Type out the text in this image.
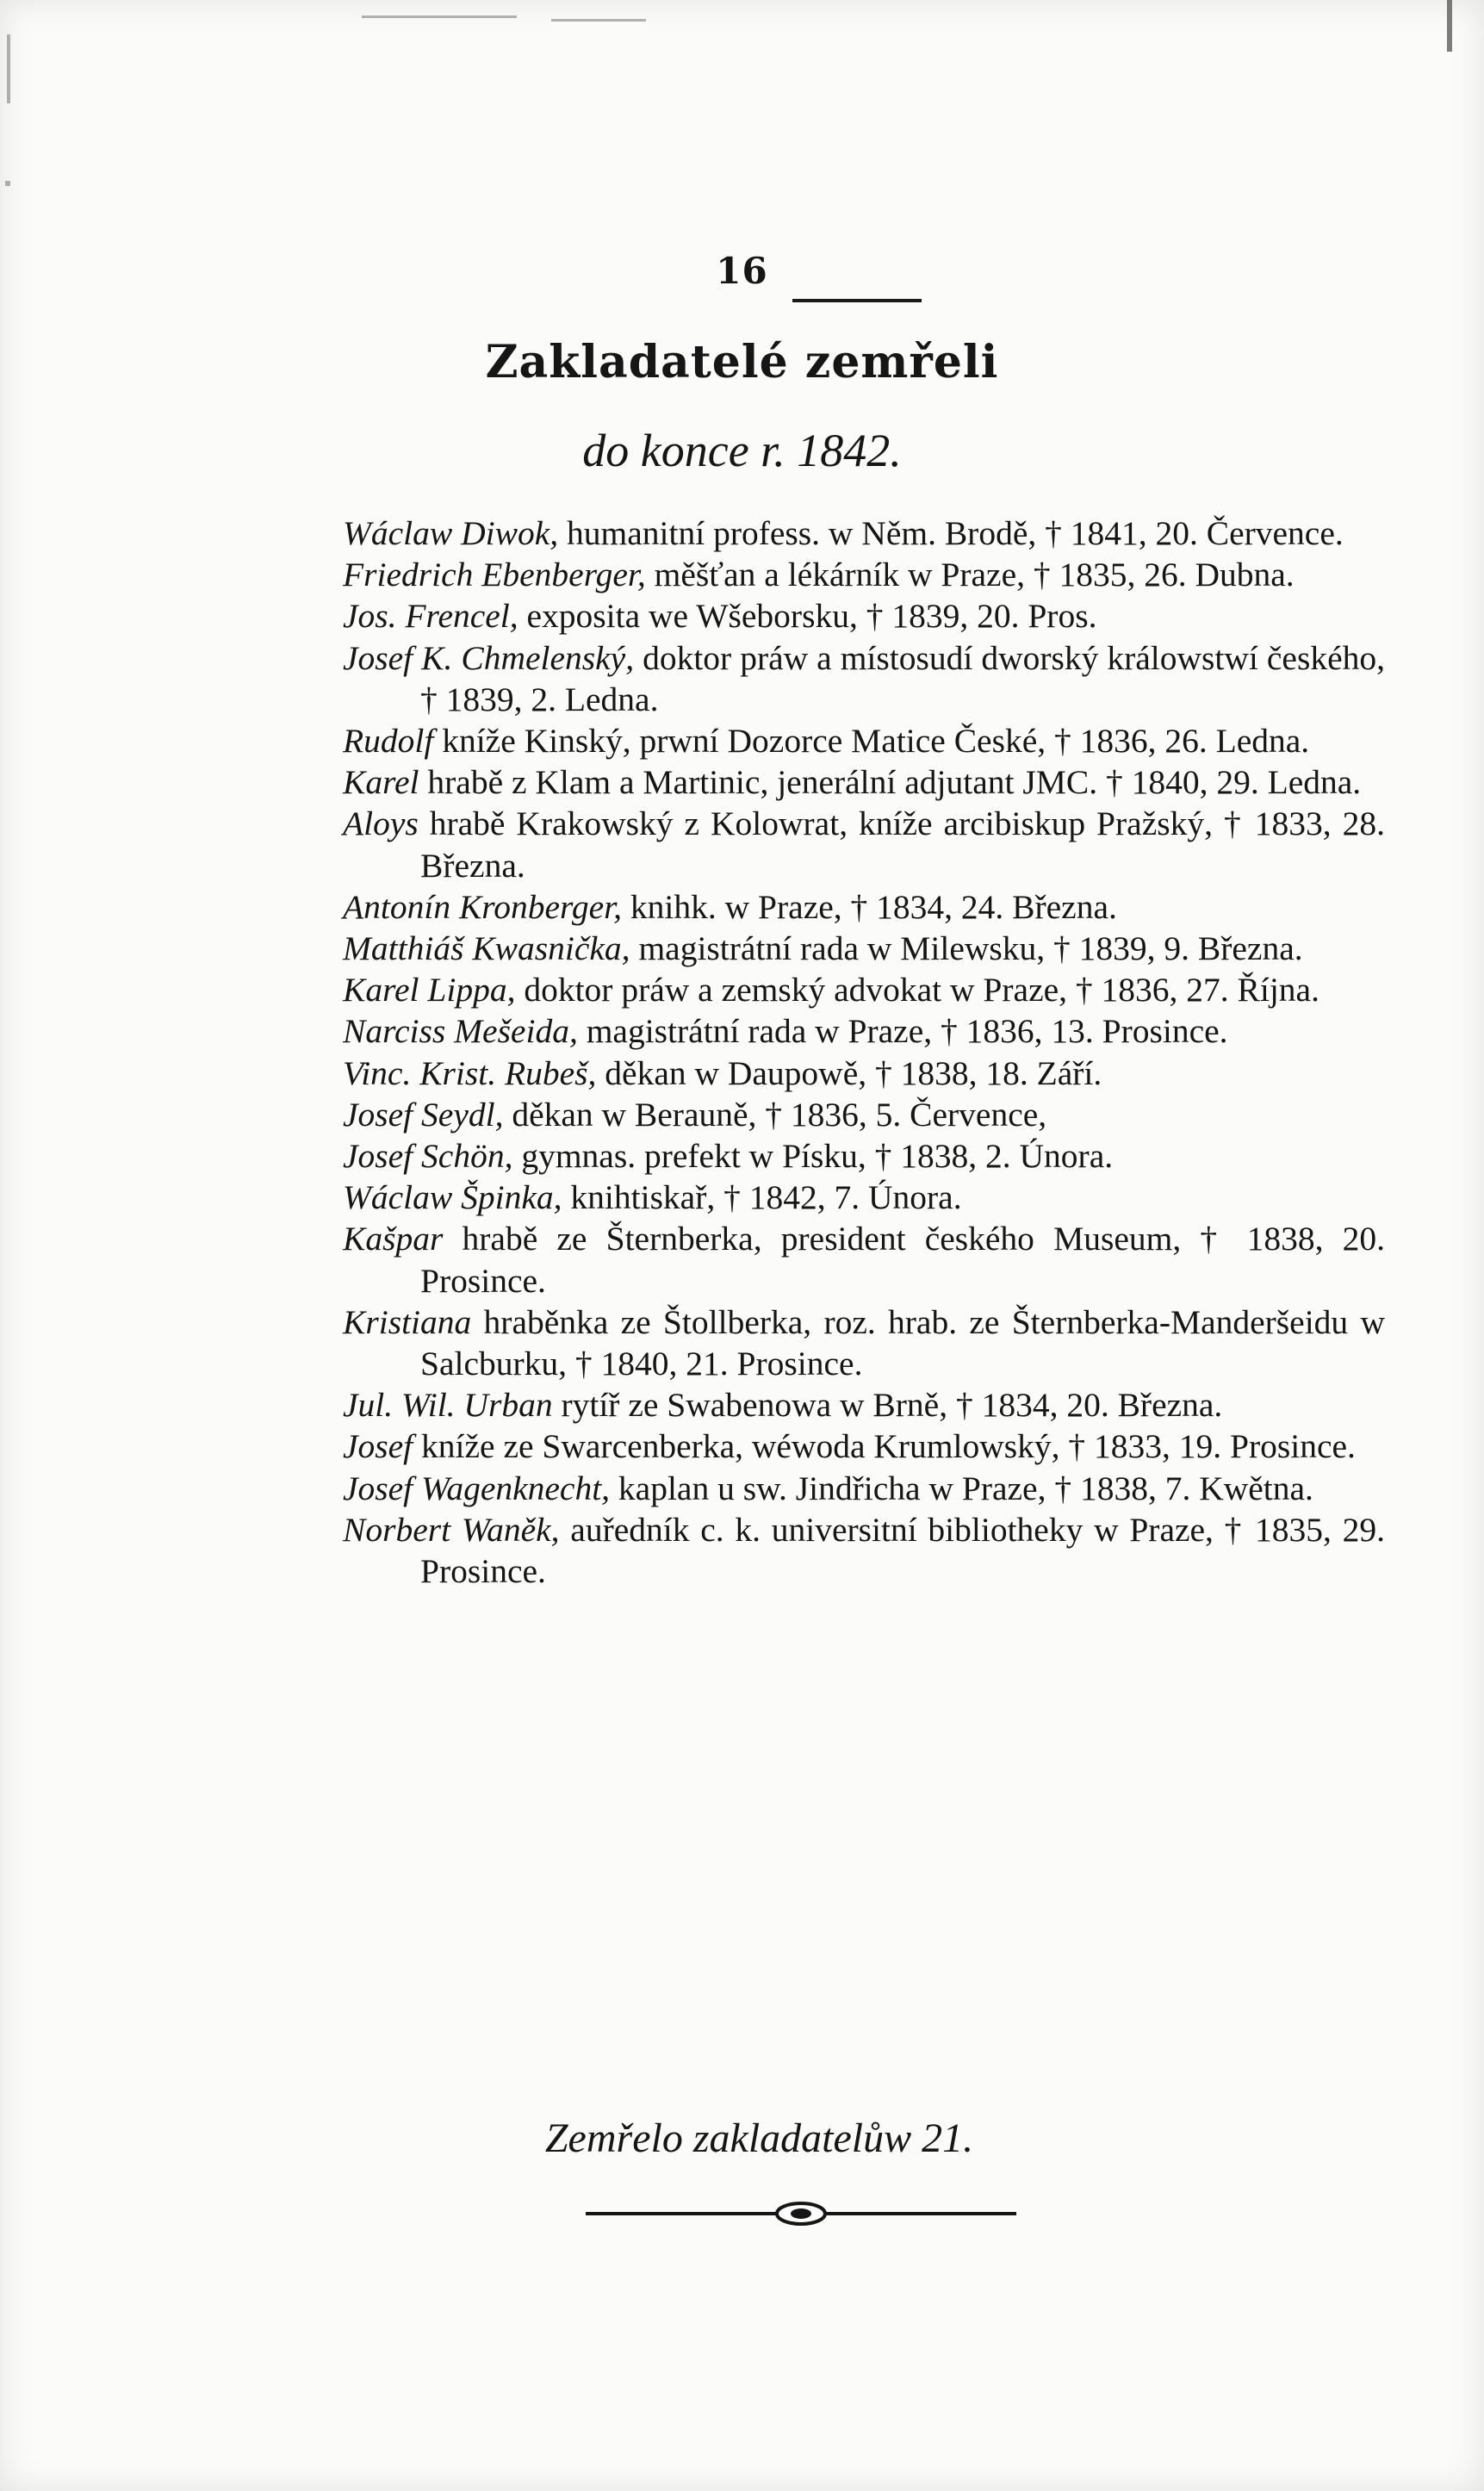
16
Zakladatelé zemřeli
do konce r. 1842.
Wáclaw Diwok, humanitní profess. w Něm. Brodě, † 1841, 20. Července.
Friedrich Ebenberger, měšťan a lékárník w Praze, † 1835, 26. Dubna.
Jos. Frencel, exposita we Wšeborsku, † 1839, 20. Pros.
Josef K. Chmelenský, doktor práw a místosudí dworský králowstwí českého, † 1839, 2. Ledna.
Rudolf kníže Kinský, prwní Dozorce Matice České, † 1836, 26. Ledna.
Karel hrabě z Klam a Martinic, jenerální adjutant JMC. † 1840, 29. Ledna.
Aloys hrabě Krakowský z Kolowrat, kníže arcibiskup Pražský, † 1833, 28. Března.
Antonín Kronberger, knihk. w Praze, † 1834, 24. Března.
Matthiáš Kwasnička, magistrátní rada w Milewsku, † 1839, 9. Března.
Karel Lippa, doktor práw a zemský advokat w Praze, † 1836, 27. Října.
Narciss Mešeida, magistrátní rada w Praze, † 1836, 13. Prosince.
Vinc. Krist. Rubeš, děkan w Daupowě, † 1838, 18. Září.
Josef Seydl, děkan w Berauně, † 1836, 5. Července,
Josef Schön, gymnas. prefekt w Písku, † 1838, 2. Února.
Wáclaw Špinka, knihtiskař, † 1842, 7. Února.
Kašpar hrabě ze Šternberka, president českého Museum, † 1838, 20. Prosince.
Kristiana hraběnka ze Štollberka, roz. hrab. ze Šternberka-Manderšeidu w Salcburku, † 1840, 21. Prosince.
Jul. Wil. Urban rytíř ze Swabenowa w Brně, † 1834, 20. Března.
Josef kníže ze Swarcenberka, wéwoda Krumlowský, † 1833, 19. Prosince.
Josef Wagenknecht, kaplan u sw. Jindřicha w Praze, † 1838, 7. Kwětna.
Norbert Waněk, auředník c. k. universitní bibliotheky w Praze, † 1835, 29. Prosince.
Zemřelo zakladatelůw 21.
